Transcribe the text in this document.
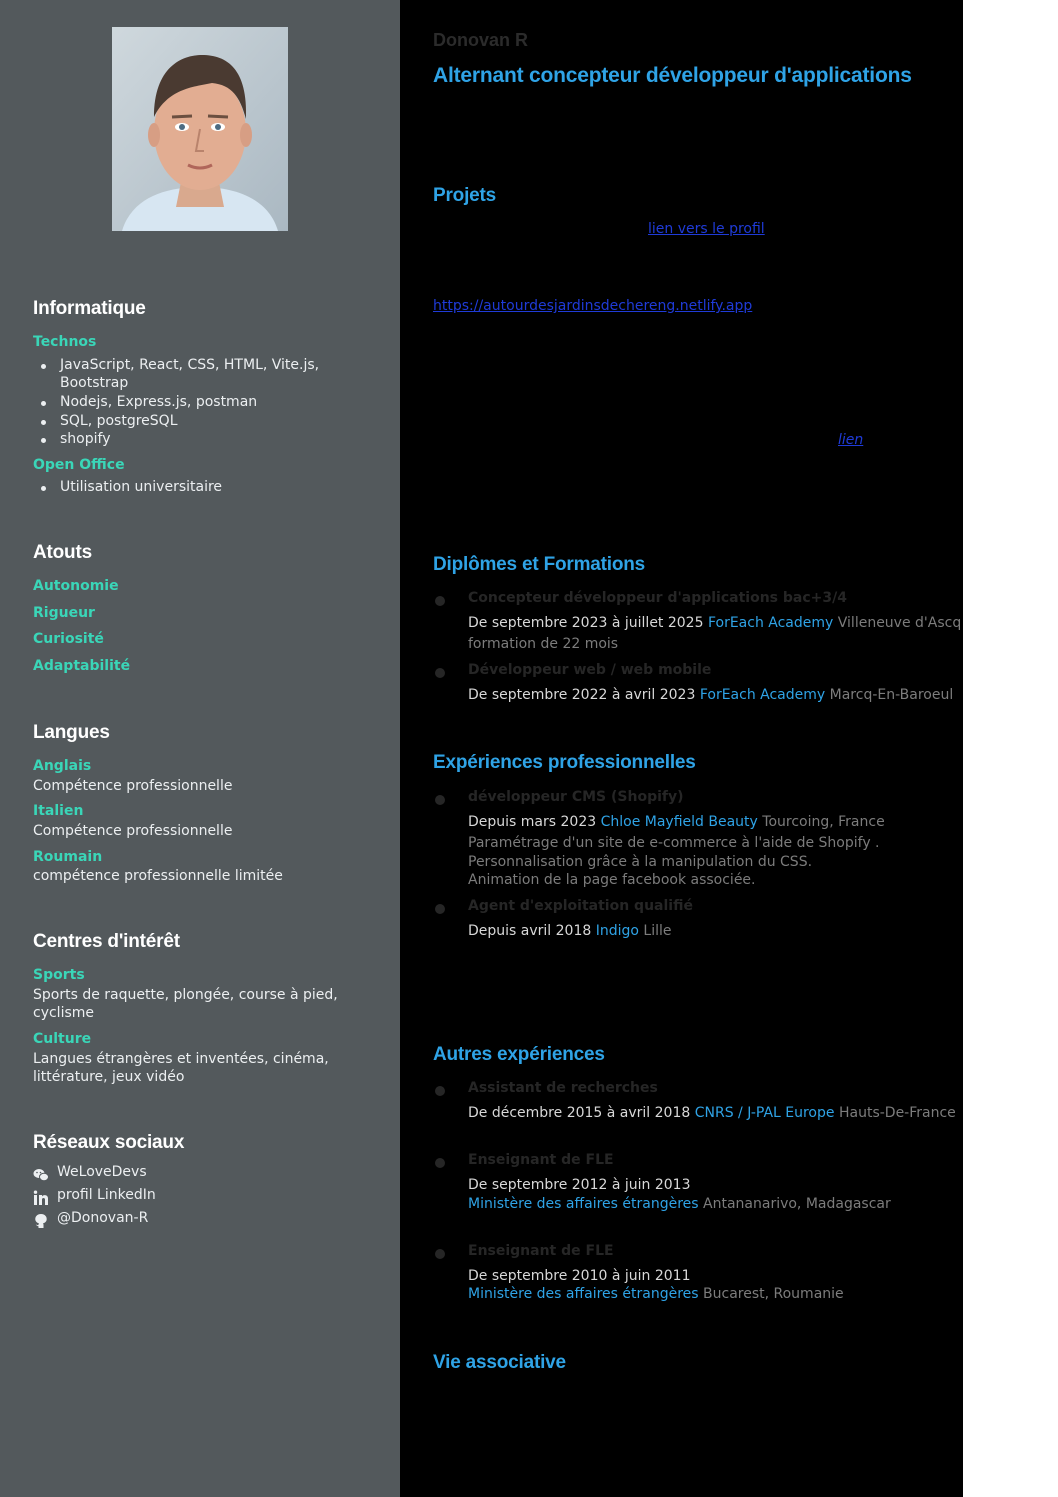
Informatique
Technos
JavaScript, React, CSS, HTML, Vite.js, Bootstrap
Nodejs, Express.js, postman
SQL, postgreSQL
shopify
Open Office
Utilisation universitaire
Atouts
Autonomie
Rigueur
Curiosité
Adaptabilité
Langues
Anglais
Compétence professionnelle
Italien
Compétence professionnelle
Roumain
compétence professionnelle limitée
Centres d'intérêt
Sports
Sports de raquette, plongée, course à pied, cyclisme
Culture
Langues étrangères et inventées, cinéma, littérature, jeux vidéo
Réseaux sociaux
WeLoveDevs
profil LinkedIn
@Donovan-R
Donovan R
Alternant concepteur développeur d'applications
Projets
lien vers le profil
https://autourdesjardinsdechereng.netlify.app
lien
Diplômes et Formations
Concepteur développeur d'applications bac+3/4
De septembre 2023 à juillet 2025 ForEach Academy Villeneuve d'Ascq
formation de 22 mois
Développeur web / web mobile
De septembre 2022 à avril 2023 ForEach Academy Marcq-En-Baroeul
Expériences professionnelles
développeur CMS (Shopify)
Depuis mars 2023 Chloe Mayfield Beauty Tourcoing, France
Paramétrage d'un site de e-commerce à l'aide de Shopify .
Personnalisation grâce à la manipulation du CSS.
Animation de la page facebook associée.
Agent d'exploitation qualifié
Depuis avril 2018 Indigo Lille
Autres expériences
Assistant de recherches
De décembre 2015 à avril 2018 CNRS / J-PAL Europe Hauts-De-France
Enseignant de FLE
De septembre 2012 à juin 2013
Ministère des affaires étrangères Antananarivo, Madagascar
Enseignant de FLE
De septembre 2010 à juin 2011
Ministère des affaires étrangères Bucarest, Roumanie
Vie associative
